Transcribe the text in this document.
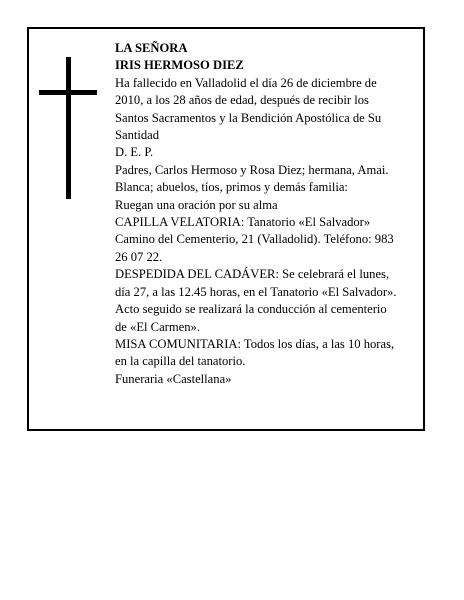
LA SEÑORA
IRIS HERMOSO DIEZ
Ha fallecido en Valladolid el día 26 de diciembre de
2010, a los 28 años de edad, después de recibir los
Santos Sacramentos y la Bendición Apostólica de Su
Santidad
D. E. P.
Padres, Carlos Hermoso y Rosa Diez; hermana, Amai.
Blanca; abuelos, tíos, primos y demás familia:
Ruegan una oración por su alma
CAPILLA VELATORIA: Tanatorio «El Salvador»
Camino del Cementerio, 21 (Valladolid). Teléfono: 983
26 07 22.
DESPEDIDA DEL CADÁVER: Se celebrará el lunes,
día 27, a las 12.45 horas, en el Tanatorio «El Salvador».
Acto seguido se realizará la conducción al cementerio
de «El Carmen».
MISA COMUNITARIA: Todos los días, a las 10 horas,
en la capilla del tanatorio.
Funeraria «Castellana»
